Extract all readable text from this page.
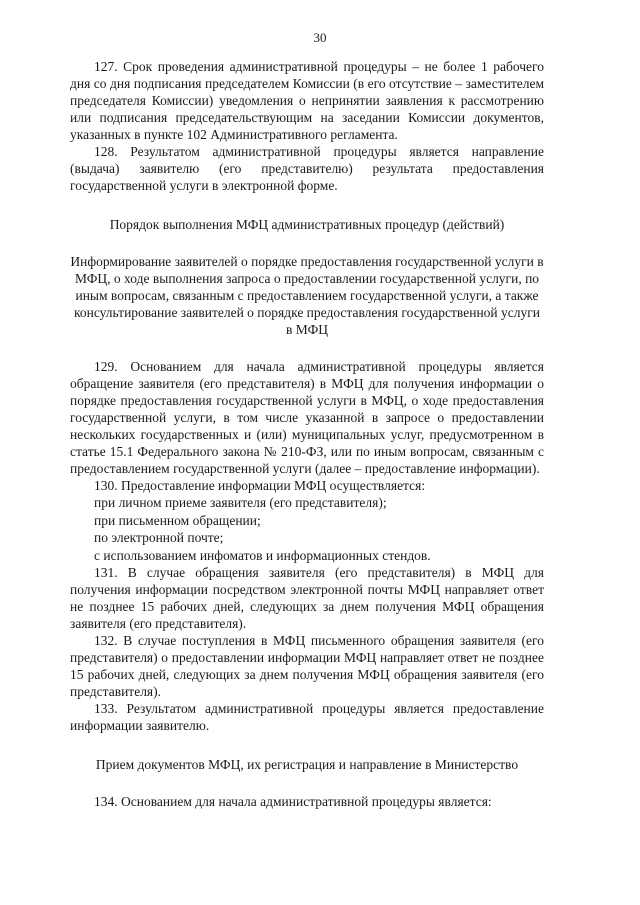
30

127. Срок проведения административной процедуры – не более 1 рабочего дня со дня подписания председателем Комиссии (в его отсутствие – заместителем председателя Комиссии) уведомления о непринятии заявления к рассмотрению или подписания председательствующим на заседании Комиссии документов, указанных в пункте 102 Административного регламента.

128. Результатом административной процедуры является направление (выдача) заявителю (его представителю) результата предоставления государственной услуги в электронной форме.

Порядок выполнения МФЦ административных процедур (действий)

Информирование заявителей о порядке предоставления государственной услуги в МФЦ, о ходе выполнения запроса о предоставлении государственной услуги, по иным вопросам, связанным с предоставлением государственной услуги, а также консультирование заявителей о порядке предоставления государственной услуги в МФЦ

129. Основанием для начала административной процедуры является обращение заявителя (его представителя) в МФЦ для получения информации о порядке предоставления государственной услуги в МФЦ, о ходе предоставления государственной услуги, в том числе указанной в запросе о предоставлении нескольких государственных и (или) муниципальных услуг, предусмотренном в статье 15.1 Федерального закона № 210-ФЗ, или по иным вопросам, связанным с предоставлением государственной услуги (далее – предоставление информации).

130. Предоставление информации МФЦ осуществляется:

при личном приеме заявителя (его представителя);

при письменном обращении;

по электронной почте;

с использованием инфоматов и информационных стендов.

131. В случае обращения заявителя (его представителя) в МФЦ для получения информации посредством электронной почты МФЦ направляет ответ не позднее 15 рабочих дней, следующих за днем получения МФЦ обращения заявителя (его представителя).

132. В случае поступления в МФЦ письменного обращения заявителя (его представителя) о предоставлении информации МФЦ направляет ответ не позднее 15 рабочих дней, следующих за днем получения МФЦ обращения заявителя (его представителя).

133. Результатом административной процедуры является предоставление информации заявителю.

Прием документов МФЦ, их регистрация и направление в Министерство

134. Основанием для начала административной процедуры является:
